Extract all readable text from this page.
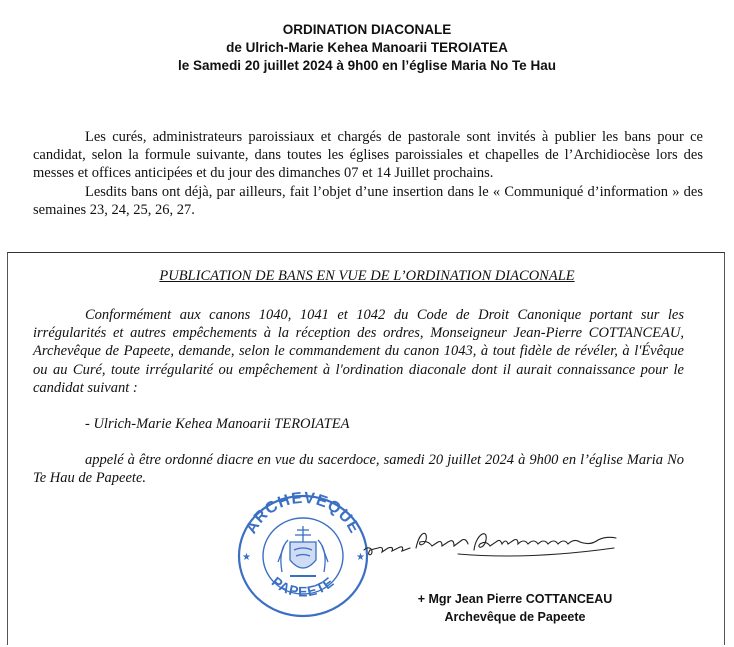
ORDINATION DIACONALE
de Ulrich-Marie Kehea Manoarii TEROIATEA
le Samedi 20 juillet 2024 à 9h00 en l’église Maria No Te Hau

Les curés, administrateurs paroissiaux et chargés de pastorale sont invités à publier les bans pour ce candidat, selon la formule suivante, dans toutes les églises paroissiales et chapelles de l’Archidiocèse lors des messes et offices anticipées et du jour des dimanches 07 et 14 Juillet prochains.

Lesdits bans ont déjà, par ailleurs, fait l’objet d’une insertion dans le « Communiqué d’information » des semaines 23, 24, 25, 26, 27.

PUBLICATION DE BANS EN VUE DE L’ORDINATION DIACONALE

Conformément aux canons 1040, 1041 et 1042 du Code de Droit Canonique portant sur les irrégularités et autres empêchements à la réception des ordres, Monseigneur Jean-Pierre COTTANCEAU, Archevêque de Papeete, demande, selon le commandement du canon 1043, à tout fidèle de révéler, à l'Évêque ou au Curé, toute irrégularité ou empêchement à l'ordination diaconale dont il aurait connaissance pour le candidat suivant :

- Ulrich-Marie Kehea Manoarii TEROIATEA

appelé à être ordonné diacre en vue du sacerdoce, samedi 20 juillet 2024 à 9h00 en l’église Maria No Te Hau de Papeete.

ARCHEVEQUE
PAPEETE
★	★
+ Mgr Jean Pierre COTTANCEAU
Archevêque de Papeete
